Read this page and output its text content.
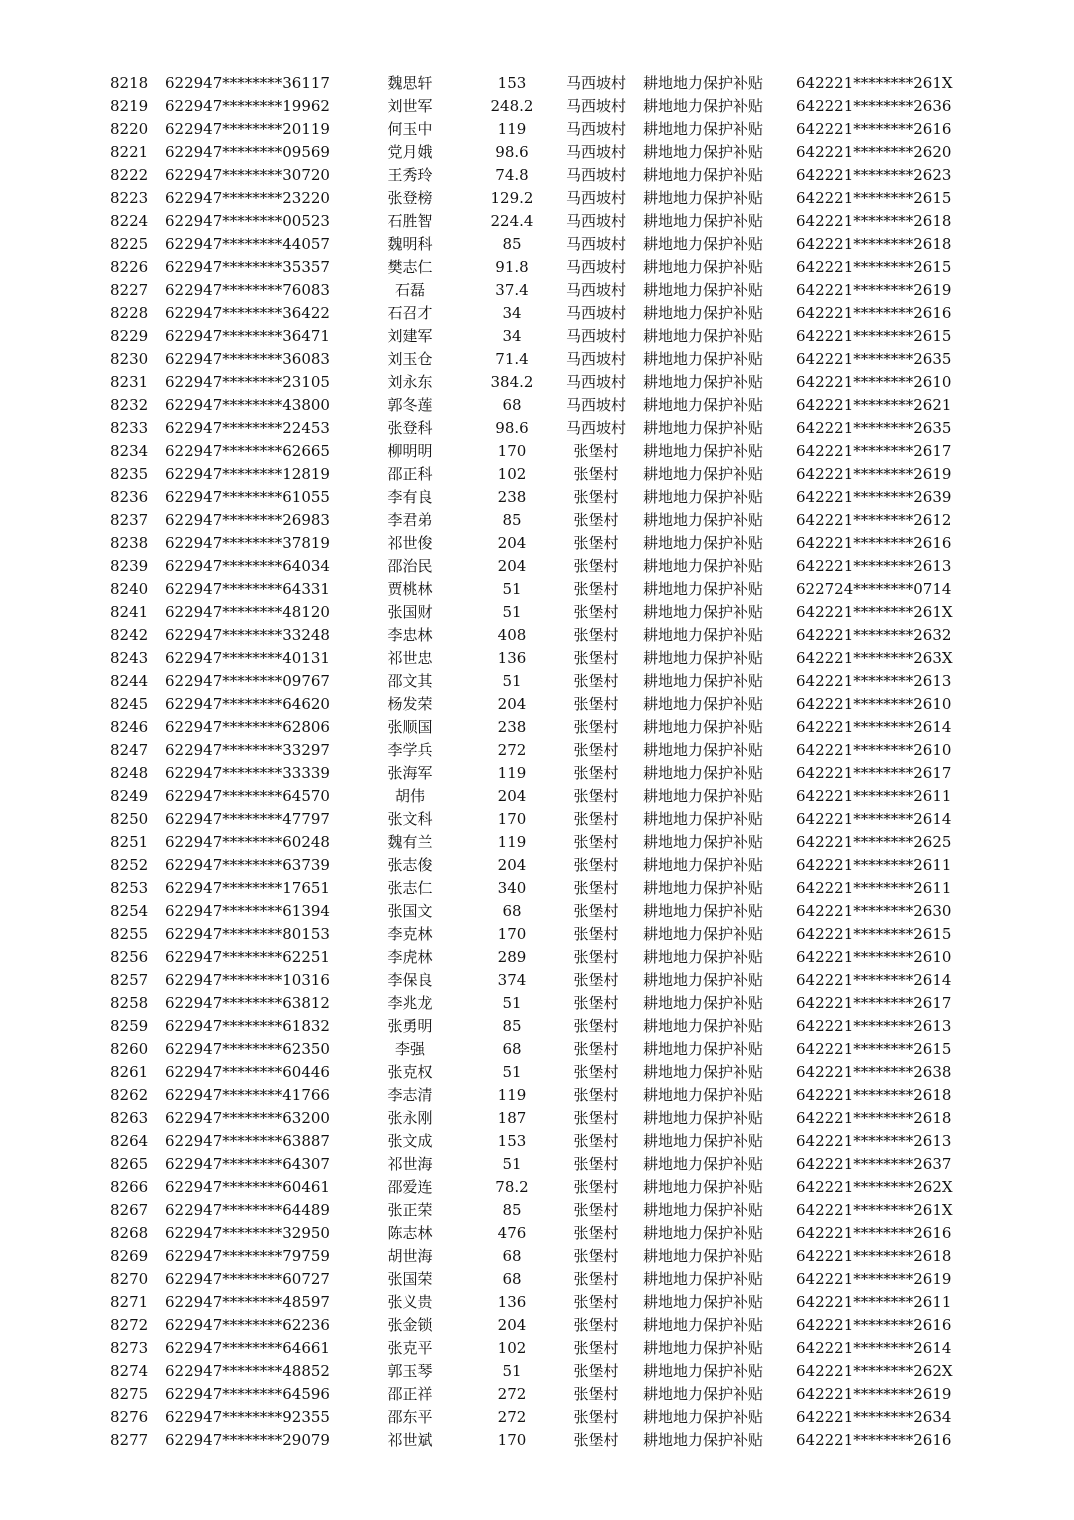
8218 622947********36117	魏思轩	153	马西坡村	耕地地力保护补贴 642221********261X
8219 622947********19962	刘世军	248.2	马西坡村	耕地地力保护补贴 642221********2636
8220 622947********20119	何玉中	119	马西坡村	耕地地力保护补贴 642221********2616
8221 622947********09569	党月娥	98.6	马西坡村	耕地地力保护补贴 642221********2620
8222 622947********30720	王秀玲	74.8	马西坡村	耕地地力保护补贴 642221********2623
8223 622947********23220	张登榜	129.2	马西坡村	耕地地力保护补贴 642221********2615
8224 622947********00523	石胜智	224.4	马西坡村	耕地地力保护补贴 642221********2618
8225 622947********44057	魏明科	85	马西坡村	耕地地力保护补贴 642221********2618
8226 622947********35357	樊志仁	91.8	马西坡村	耕地地力保护补贴 642221********2615
8227 622947********76083	石磊	37.4	马西坡村	耕地地力保护补贴 642221********2619
8228 622947********36422	石召才	34	马西坡村	耕地地力保护补贴 642221********2616
8229 622947********36471	刘建军	34	马西坡村	耕地地力保护补贴 642221********2615
8230 622947********36083	刘玉仓	71.4	马西坡村	耕地地力保护补贴 642221********2635
8231 622947********23105	刘永东	384.2	马西坡村	耕地地力保护补贴 642221********2610
8232 622947********43800	郭冬莲	68	马西坡村	耕地地力保护补贴 642221********2621
8233 622947********22453	张登科	98.6	马西坡村	耕地地力保护补贴 642221********2635
8234 622947********62665	柳明明	170	张堡村	耕地地力保护补贴 642221********2617
8235 622947********12819	邵正科	102	张堡村	耕地地力保护补贴 642221********2619
8236 622947********61055	李有良	238	张堡村	耕地地力保护补贴 642221********2639
8237 622947********26983	李君弟	85	张堡村	耕地地力保护补贴 642221********2612
8238 622947********37819	祁世俊	204	张堡村	耕地地力保护补贴 642221********2616
8239 622947********64034	邵治民	204	张堡村	耕地地力保护补贴 642221********2613
8240 622947********64331	贾桃林	51	张堡村	耕地地力保护补贴 622724********0714
8241 622947********48120	张国财	51	张堡村	耕地地力保护补贴 642221********261X
8242 622947********33248	李忠林	408	张堡村	耕地地力保护补贴 642221********2632
8243 622947********40131	祁世忠	136	张堡村	耕地地力保护补贴 642221********263X
8244 622947********09767	邵文其	51	张堡村	耕地地力保护补贴 642221********2613
8245 622947********64620	杨发荣	204	张堡村	耕地地力保护补贴 642221********2610
8246 622947********62806	张顺国	238	张堡村	耕地地力保护补贴 642221********2614
8247 622947********33297	李学兵	272	张堡村	耕地地力保护补贴 642221********2610
8248 622947********33339	张海军	119	张堡村	耕地地力保护补贴 642221********2617
8249 622947********64570	胡伟	204	张堡村	耕地地力保护补贴 642221********2611
8250 622947********47797	张文科	170	张堡村	耕地地力保护补贴 642221********2614
8251 622947********60248	魏有兰	119	张堡村	耕地地力保护补贴 642221********2625
8252 622947********63739	张志俊	204	张堡村	耕地地力保护补贴 642221********2611
8253 622947********17651	张志仁	340	张堡村	耕地地力保护补贴 642221********2611
8254 622947********61394	张国文	68	张堡村	耕地地力保护补贴 642221********2630
8255 622947********80153	李克林	170	张堡村	耕地地力保护补贴 642221********2615
8256 622947********62251	李虎林	289	张堡村	耕地地力保护补贴 642221********2610
8257 622947********10316	李保良	374	张堡村	耕地地力保护补贴 642221********2614
8258 622947********63812	李兆龙	51	张堡村	耕地地力保护补贴 642221********2617
8259 622947********61832	张勇明	85	张堡村	耕地地力保护补贴 642221********2613
8260 622947********62350	李强	68	张堡村	耕地地力保护补贴 642221********2615
8261 622947********60446	张克权	51	张堡村	耕地地力保护补贴 642221********2638
8262 622947********41766	李志清	119	张堡村	耕地地力保护补贴 642221********2618
8263 622947********63200	张永刚	187	张堡村	耕地地力保护补贴 642221********2618
8264 622947********63887	张文成	153	张堡村	耕地地力保护补贴 642221********2613
8265 622947********64307	祁世海	51	张堡村	耕地地力保护补贴 642221********2637
8266 622947********60461	邵爱连	78.2	张堡村	耕地地力保护补贴 642221********262X
8267 622947********64489	张正荣	85	张堡村	耕地地力保护补贴 642221********261X
8268 622947********32950	陈志林	476	张堡村	耕地地力保护补贴 642221********2616
8269 622947********79759	胡世海	68	张堡村	耕地地力保护补贴 642221********2618
8270 622947********60727	张国荣	68	张堡村	耕地地力保护补贴 642221********2619
8271 622947********48597	张义贵	136	张堡村	耕地地力保护补贴 642221********2611
8272 622947********62236	张金锁	204	张堡村	耕地地力保护补贴 642221********2616
8273 622947********64661	张克平	102	张堡村	耕地地力保护补贴 642221********2614
8274 622947********48852	郭玉琴	51	张堡村	耕地地力保护补贴 642221********262X
8275 622947********64596	邵正祥	272	张堡村	耕地地力保护补贴 642221********2619
8276 622947********92355	邵东平	272	张堡村	耕地地力保护补贴 642221********2634
8277 622947********29079	祁世斌	170	张堡村	耕地地力保护补贴 642221********2616
